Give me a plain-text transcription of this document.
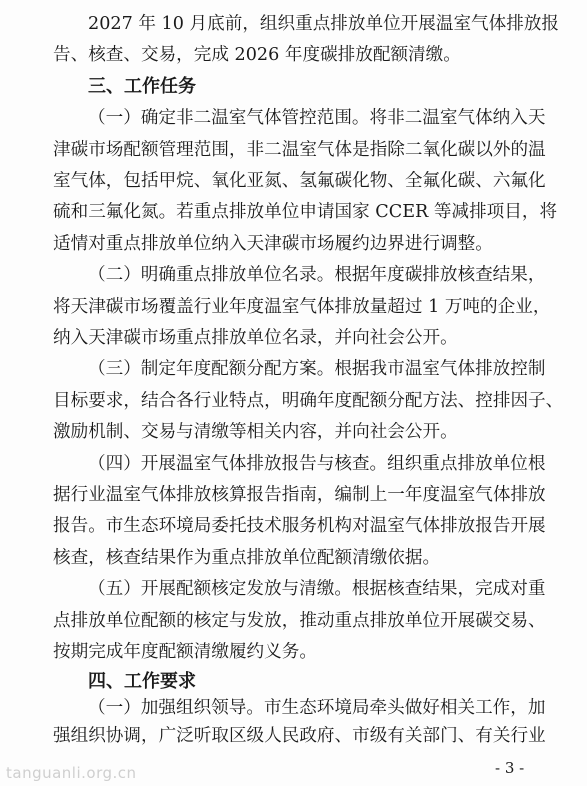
2027 年 10 月底前，组织重点排放单位开展温室气体排放报
告、核查、交易，完成 2026 年度碳排放配额清缴。
三、工作任务
（一）确定非二温室气体管控范围。将非二温室气体纳入天
津碳市场配额管理范围，非二温室气体是指除二氧化碳以外的温
室气体，包括甲烷、氧化亚氮、氢氟碳化物、全氟化碳、六氟化
硫和三氟化氮。若重点排放单位申请国家 CCER 等减排项目，将
适情对重点排放单位纳入天津碳市场履约边界进行调整。
（二）明确重点排放单位名录。根据年度碳排放核查结果，
将天津碳市场覆盖行业年度温室气体排放量超过 1 万吨的企业，
纳入天津碳市场重点排放单位名录，并向社会公开。
（三）制定年度配额分配方案。根据我市温室气体排放控制
目标要求，结合各行业特点，明确年度配额分配方法、控排因子、
激励机制、交易与清缴等相关内容，并向社会公开。
（四）开展温室气体排放报告与核查。组织重点排放单位根
据行业温室气体排放核算报告指南，编制上一年度温室气体排放
报告。市生态环境局委托技术服务机构对温室气体排放报告开展
核查，核查结果作为重点排放单位配额清缴依据。
（五）开展配额核定发放与清缴。根据核查结果，完成对重
点排放单位配额的核定与发放，推动重点排放单位开展碳交易、
按期完成年度配额清缴履约义务。
四、工作要求
（一）加强组织领导。市生态环境局牵头做好相关工作，加
强组织协调，广泛听取区级人民政府、市级有关部门、有关行业
- 3 -
tanguanli.org.cn
